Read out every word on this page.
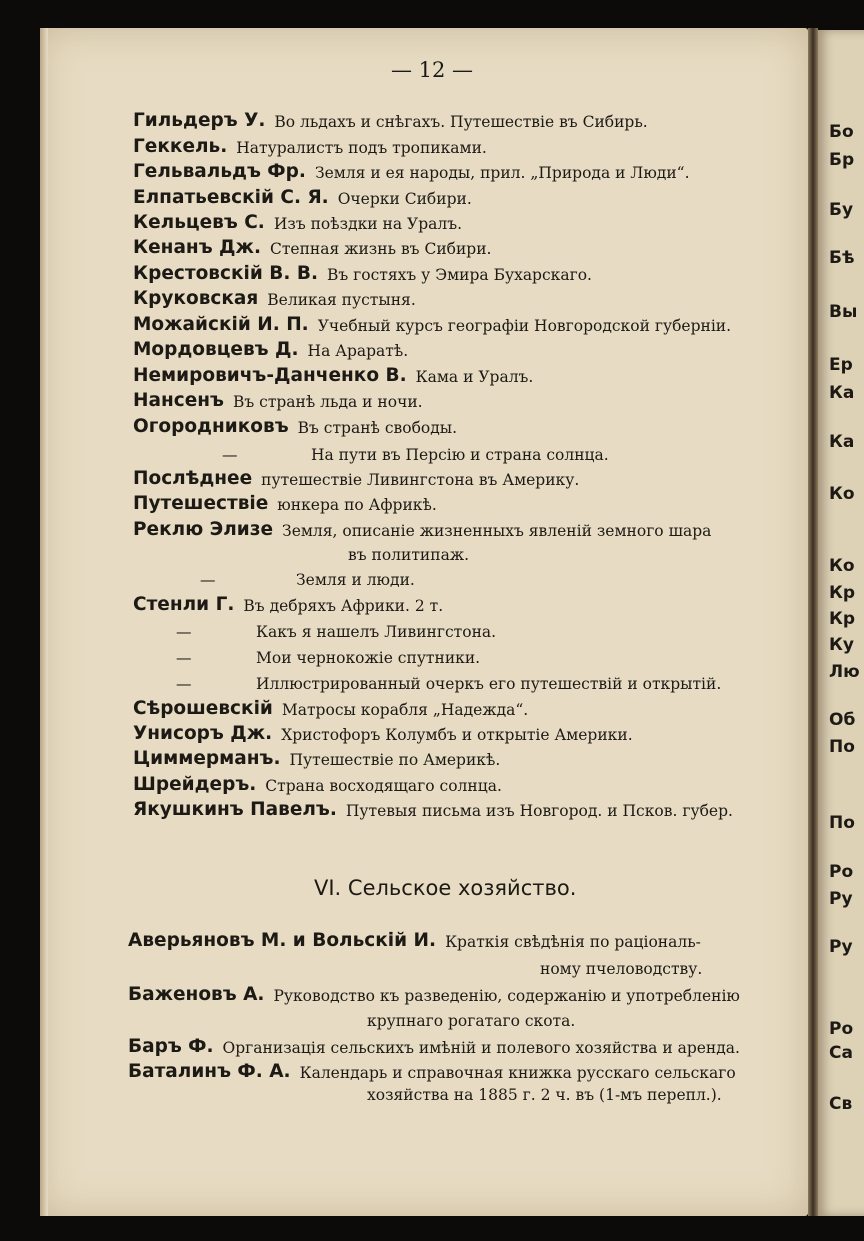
— 12 —
Гильдеръ У. Во льдахъ и снѣгахъ. Путешествіе въ Сибирь.
Геккель. Натуралистъ подъ тропиками.
Гельвальдъ Фр. Земля и ея народы, прил. „Природа и Люди“.
Елпатьевскій С. Я. Очерки Сибири.
Кельцевъ С. Изъ поѣздки на Уралъ.
Кенанъ Дж. Степная жизнь въ Сибири.
Крестовскій В. В. Въ гостяхъ у Эмира Бухарскаго.
Круковская Великая пустыня.
Можайскій И. П. Учебный курсъ географіи Новгородской губерніи.
Мордовцевъ Д. На Араратѣ.
Немировичъ-Данченко В. Кама и Уралъ.
Нансенъ Въ странѣ льда и ночи.
Огородниковъ Въ странѣ свободы.
—	На пути въ Персію и страна солнца.
Послѣднее путешествіе Ливингстона въ Америку.
Путешествіе юнкера по Африкѣ.
Реклю Элизе Земля, описаніе жизненныхъ явленій земного шара
въ политипаж.
—	Земля и люди.
Стенли Г. Въ дебряхъ Африки. 2 т.
—	Какъ я нашелъ Ливингстона.
—	Мои чернокожіе спутники.
—	Иллюстрированный очеркъ его путешествій и открытій.
Сѣрошевскій Матросы корабля „Надежда“.
Унисоръ Дж. Христофоръ Колумбъ и открытіе Америки.
Циммерманъ. Путешествіе по Америкѣ.
Шрейдеръ. Страна восходящаго солнца.
Якушкинъ Павелъ. Путевыя письма изъ Новгород. и Псков. губер.
VI. Сельское хозяйство.
Аверьяновъ М. и Вольскій И. Краткія свѣдѣнія по раціональ-
ному пчеловодству.
Баженовъ А. Руководство къ разведенію, содержанію и употребленію
крупнаго рогатаго скота.
Баръ Ф. Организація сельскихъ имѣній и полевого хозяйства и аренда.
Баталинъ Ф. А. Календарь и справочная книжка русскаго сельскаго
хозяйства на 1885 г. 2 ч. въ (1-мъ перепл.).
Бо
Бр
Бу
Бѣ
Вы
Ер
Ка
Ка
Ко
Ко
Кр
Кр
Ку
Лю
Об
По
По
Ро
Ру
Ру
Ро
Са
Св
